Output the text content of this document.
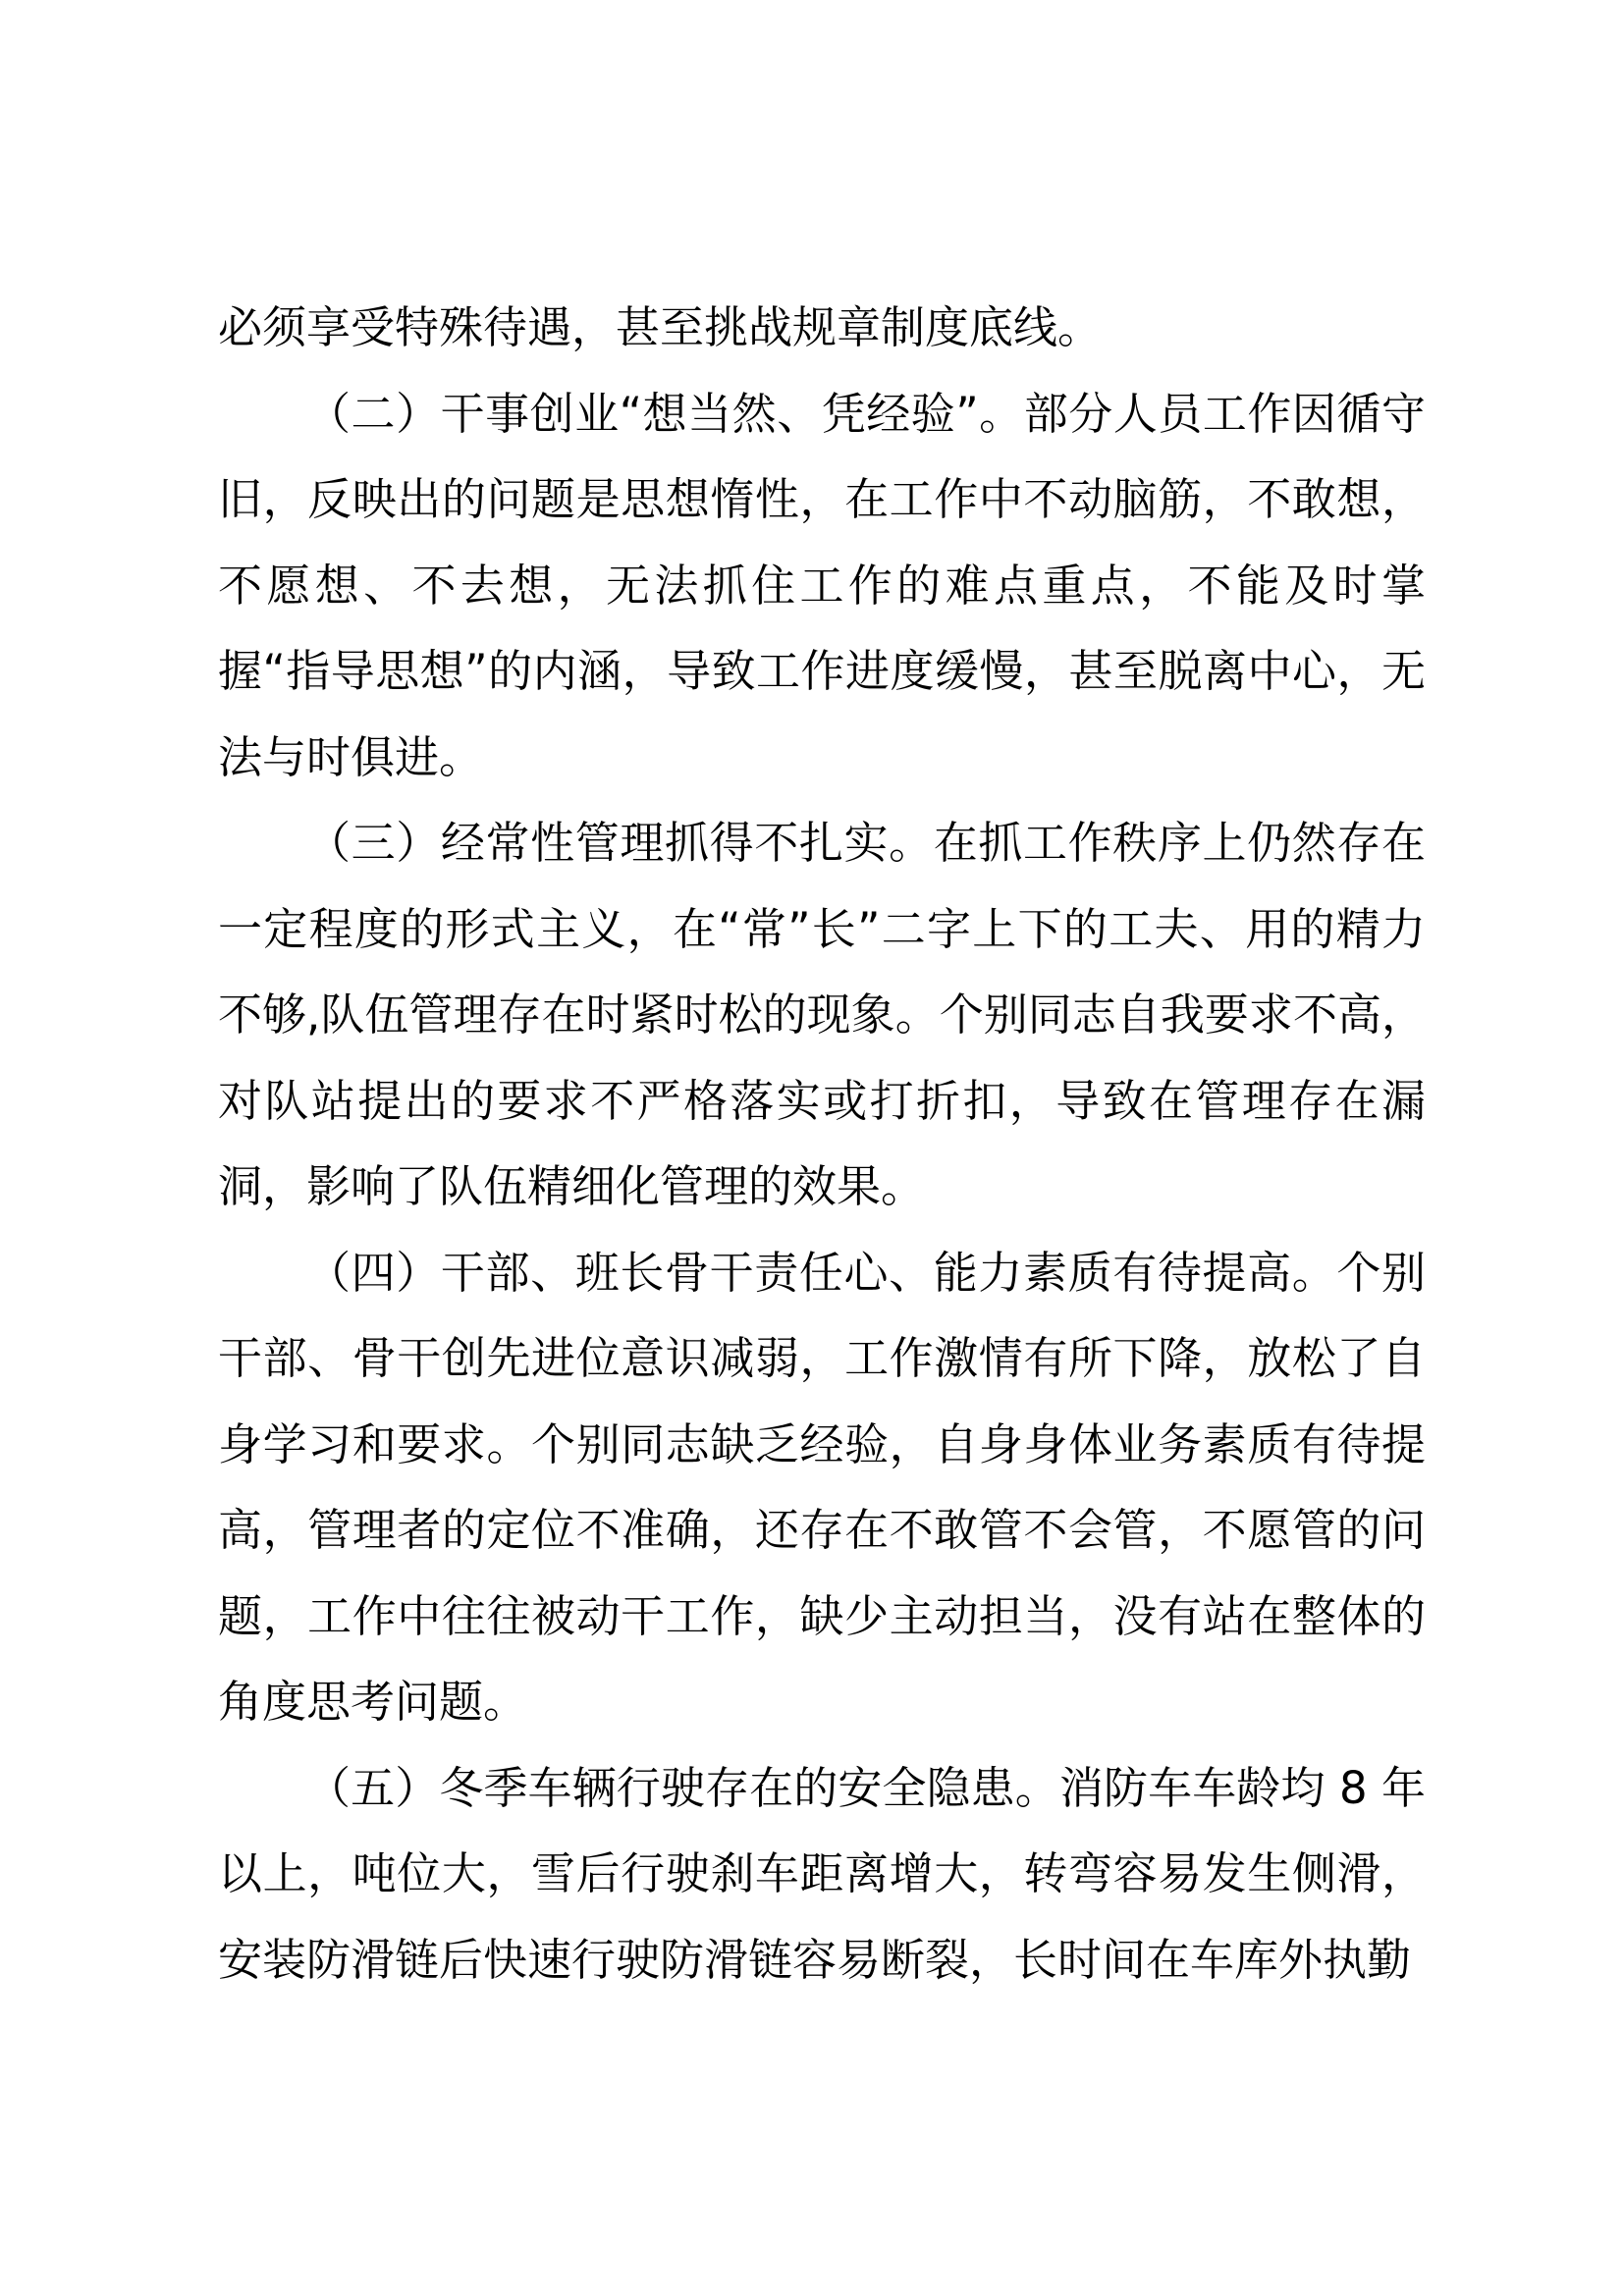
必须享受特殊待遇，甚至挑战规章制度底线。

（二）干事创业“想当然、凭经验”。部分人员工作因循守旧，反映出的问题是思想惰性，在工作中不动脑筋，不敢想，不愿想、不去想，无法抓住工作的难点重点，不能及时掌握“指导思想”的内涵，导致工作进度缓慢，甚至脱离中心，无法与时俱进。

（三）经常性管理抓得不扎实。在抓工作秩序上仍然存在一定程度的形式主义，在“常”长”二字上下的工夫、用的精力不够,队伍管理存在时紧时松的现象。个别同志自我要求不高，对队站提出的要求不严格落实或打折扣，导致在管理存在漏洞，影响了队伍精细化管理的效果。

（四）干部、班长骨干责任心、能力素质有待提高。个别干部、骨干创先进位意识减弱，工作激情有所下降，放松了自身学习和要求。个别同志缺乏经验，自身身体业务素质有待提高，管理者的定位不准确，还存在不敢管不会管，不愿管的问题，工作中往往被动干工作，缺少主动担当，没有站在整体的角度思考问题。

（五）冬季车辆行驶存在的安全隐患。消防车车龄均 8 年以上，吨位大，雪后行驶刹车距离增大，转弯容易发生侧滑，安装防滑链后快速行驶防滑链容易断裂，长时间在车库外执勤
